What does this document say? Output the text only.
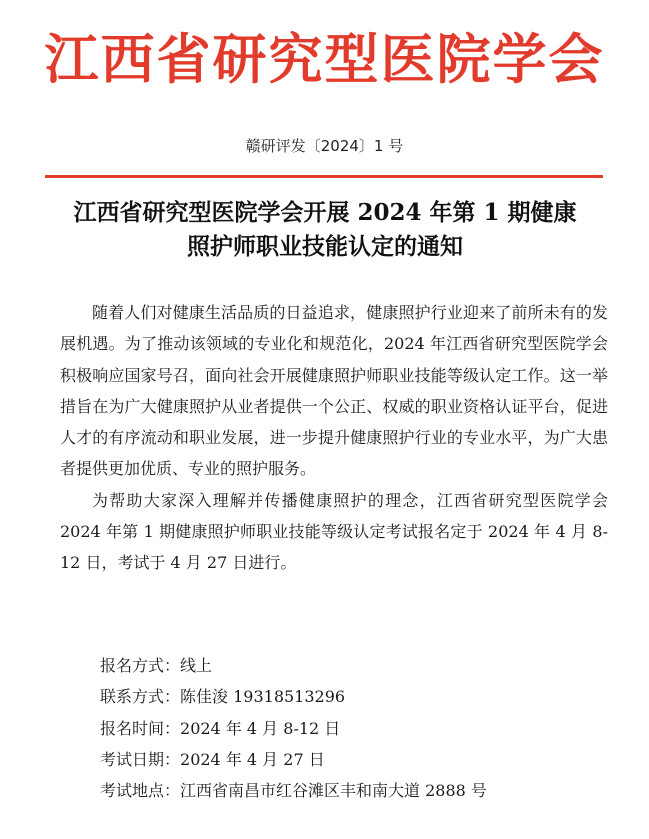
江西省研究型医院学会
赣研评发〔2024〕1 号
江西省研究型医院学会开展 2024 年第 1 期健康
照护师职业技能认定的通知

随着人们对健康生活品质的日益追求，健康照护行业迎来了前所未有的发展机遇。为了推动该领域的专业化和规范化，2024 年江西省研究型医院学会积极响应国家号召，面向社会开展健康照护师职业技能等级认定工作。这一举措旨在为广大健康照护从业者提供一个公正、权威的职业资格认证平台，促进人才的有序流动和职业发展，进一步提升健康照护行业的专业水平，为广大患者提供更加优质、专业的照护服务。

为帮助大家深入理解并传播健康照护的理念，江西省研究型医院学会 2024 年第 1 期健康照护师职业技能等级认定考试报名定于 2024 年 4 月 8-12 日，考试于 4 月 27 日进行。

报名方式：线上
联系方式：陈佳浚 19318513296
报名时间：2024 年 4 月 8-12 日
考试日期：2024 年 4 月 27 日
考试地点：江西省南昌市红谷滩区丰和南大道 2888 号
